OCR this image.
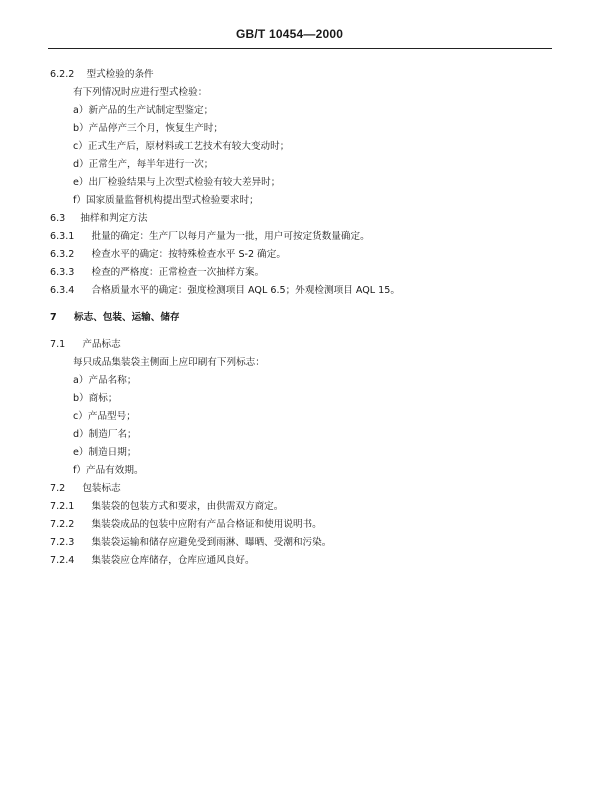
GB/T 10454—2000
6.2.2 型式检验的条件
有下列情况时应进行型式检验：
a）新产品的生产试制定型鉴定；
b）产品停产三个月，恢复生产时；
c）正式生产后，原材料或工艺技术有较大变动时；
d）正常生产，每半年进行一次；
e）出厂检验结果与上次型式检验有较大差异时；
f）国家质量监督机构提出型式检验要求时；
6.3 抽样和判定方法
6.3.1 批量的确定：生产厂以每月产量为一批，用户可按定货数量确定。
6.3.2 检查水平的确定：按特殊检查水平 S-2 确定。
6.3.3 检查的严格度：正常检查一次抽样方案。
6.3.4 合格质量水平的确定：强度检测项目 AQL 6.5；外观检测项目 AQL 15。
7 标志、包装、运输、储存
7.1 产品标志
每只成品集装袋主侧面上应印刷有下列标志：
a）产品名称；
b）商标；
c）产品型号；
d）制造厂名；
e）制造日期；
f）产品有效期。
7.2 包装标志
7.2.1 集装袋的包装方式和要求，由供需双方商定。
7.2.2 集装袋成品的包装中应附有产品合格证和使用说明书。
7.2.3 集装袋运输和储存应避免受到雨淋、曝晒、受潮和污染。
7.2.4 集装袋应仓库储存，仓库应通风良好。
